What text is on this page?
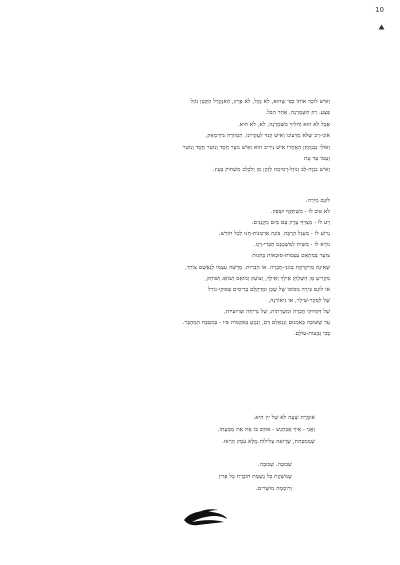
10
וְאִישׁ לוֹכֵד אוֹתוֹ כְּפִי שֶׁהוּא, לֹא נָקֵל, לֹא פָּרֵק, הַאנְקֶרְל הַקָּטָן נוֹזֵל
פְּצָעַ. רַק הַשְּׁמָרֵנָה, אַחַר הַבֹּל.
אֲבָל לֹא הוּא וְהִלִּיךְ מִשְּׁמָרֵנָה, לֹא, לֹא הוּא.
אוֹנִי-רַב שֶׁלֹּא מְרַצּוֹנוֹ וְאִישׁ קָנוּי לַעֲקָרוֹנוֹ, הַמְזוֹרָה מִיְּרִמְאָק,
וְאוֹלַי נִבְנַקְתַּן הָאַחֲרוֹ אִישׁ נִירִיב הוּא וְאִישׁ נוֹצֵר חֶסֶד וְנוֹטֵר חֶסֶד וְנוֹטֵר
זַעְמוֹ עַד עֵת
וְאִישׁ נִכְוֶה-לֵב וְנוֹזֵל-רְמִימָה לְזָקֵן מִן וְלִכְלֵב מִשְׁחוֹק בְּעֵץ.
לוּגָם מִירָה.
לֹא טוֹב לוֹ - מִשְׁתַּקֵּף וּשְׂפַק.
רַע לוֹ - מְצַרֵף עֶרֶק עַם מַיִם מְקֻנָּנִים.
נָרוֹעַ לוֹ - מַעְגָּל הַרְבֵּה. בּוֹנֶה אַרְמְנוֹת-חָנוּ לְכָל חוֹרֵשׁ.
נוֹרָא לוֹ - מַשִּׁיחַ לַמִּשְׁטְנֶט הַבְּרִי-רָגֶז.
צוֹעֵר בְּמִתְאָם עַצְמוֹת-סוּכָאוֹת בְּחַנוּת
שֶׁאִינָהּ מִרְקַרְקֶת בְּגוֹנֵי-חֶבְרָה. אוֹ הַבְרוּת. מְדַשֵּׁה עַצְמוֹ לְנַאֲשֵׁם צוֹרֵךְ,
מִקְרֵיעַ מֵן הַשֻּׁלְחָן אֵילָךְ וְאֵילָךְ, וְצוֹעֵק וְמוֹאֵס וְשׁוֹאֵג וְשׁוֹחֵק,
אוֹ לוֹגֵם בִּירָה מִכּוֹסוֹ שֶׁל שָׁכֵן וּמְדַקְלֵם בְּרִיסִים פְּסוּקֵי-גוֹרָל
שֶׁל לֵסְקָר-שִׁילֶר, אוֹ גִּיאוֹרְנֶה,
שֶׁל דְּקִדּוּקֵי חֲבֵרָה וּמְשֻׁרָתוֹת, שֶׁל נְדִיחָה וּצְרוּעִיּוּת,
עַד שֶׁשּׁוֹבֵה בְּאַמְנוּם וְנִגְאָלָם דָּם, וְנִגְוַעַ בְּאִקְמוֹת פִּיו - בְּמִטְבַּח הַמְּהֻבָּר.
בָּכִי גְּבְעוֹת-עוֹלָם.
אוֹמֶרֶת שֶׁעָה לֹא שֶׁל יַיִן חִיא.
וַאֲנִי - אֵיךְ אֲבַחְגֵשׁ - אוֹהֵב בּוֹ אֶת אֵת מַמְּעָתוֹ.
שְׁמַמְבָּחַת, שֶׁרְוֹאָה צְלִילוֹת מֻלָּא עֹמֶק הָרָאוּ.
שְׁבוּבָה. שְׁבוּבָה.
שֶׁנּוֹשֶׁקֶת כָּל נֶשֶׁמֶת חוֹבֶרֶת כָּל פְּרִין
וְרוֹמְמָה מוּשָׁרִים.
